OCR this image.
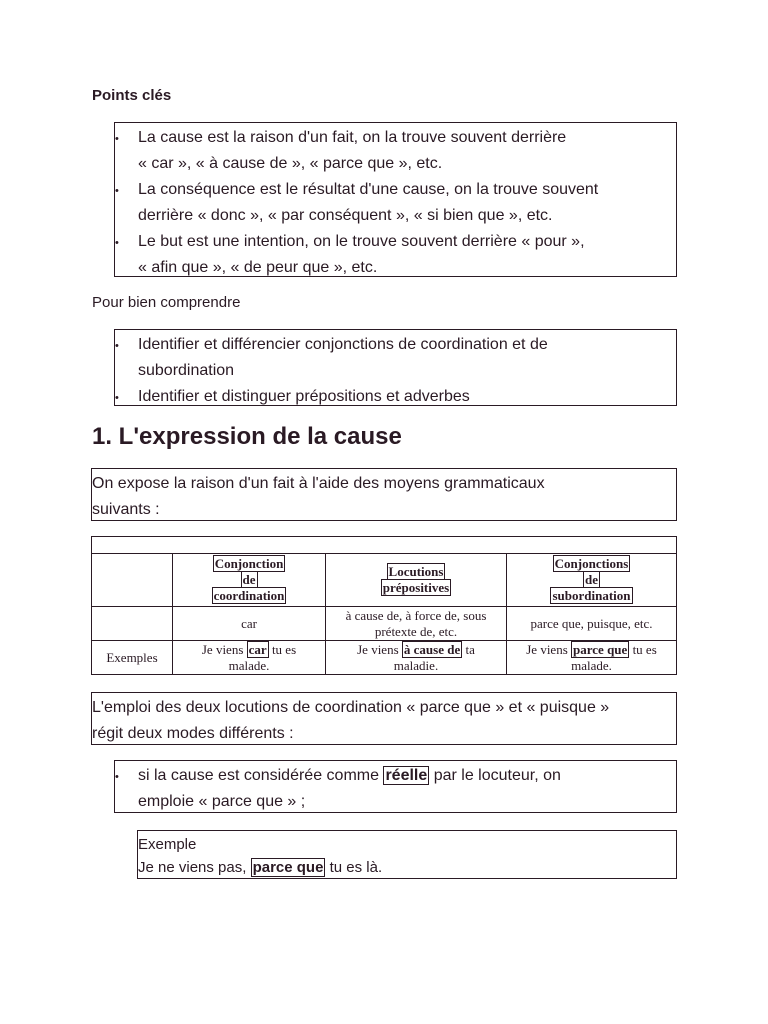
Points clés
• La cause est la raison d'un fait, on la trouve souvent derrière
« car », « à cause de », « parce que », etc.
• La conséquence est le résultat d'une cause, on la trouve souvent
derrière « donc », « par conséquent », « si bien que », etc.
• Le but est une intention, on le trouve souvent derrière « pour »,
« afin que », « de peur que », etc.
Pour bien comprendre
• Identifier et différencier conjonctions de coordination et de
subordination
• Identifier et distinguer prépositions et adverbes
1. L'expression de la cause
On expose la raison d'un fait à l'aide des moyens grammaticaux
suivants :

	Conjonction
de
coordination	Locutions
prépositives	Conjonctions
de
subordination
	car	à cause de, à force de, sous
prétexte de, etc.	parce que, puisque, etc.
Exemples	Je viens car tu es
malade.	Je viens à cause de ta
maladie.	Je viens parce que tu es
malade.
L'emploi des deux locutions de coordination « parce que » et « puisque »
régit deux modes différents :
• si la cause est considérée comme réelle par le locuteur, on
emploie « parce que » ;
Exemple
Je ne viens pas, parce que tu es là.
